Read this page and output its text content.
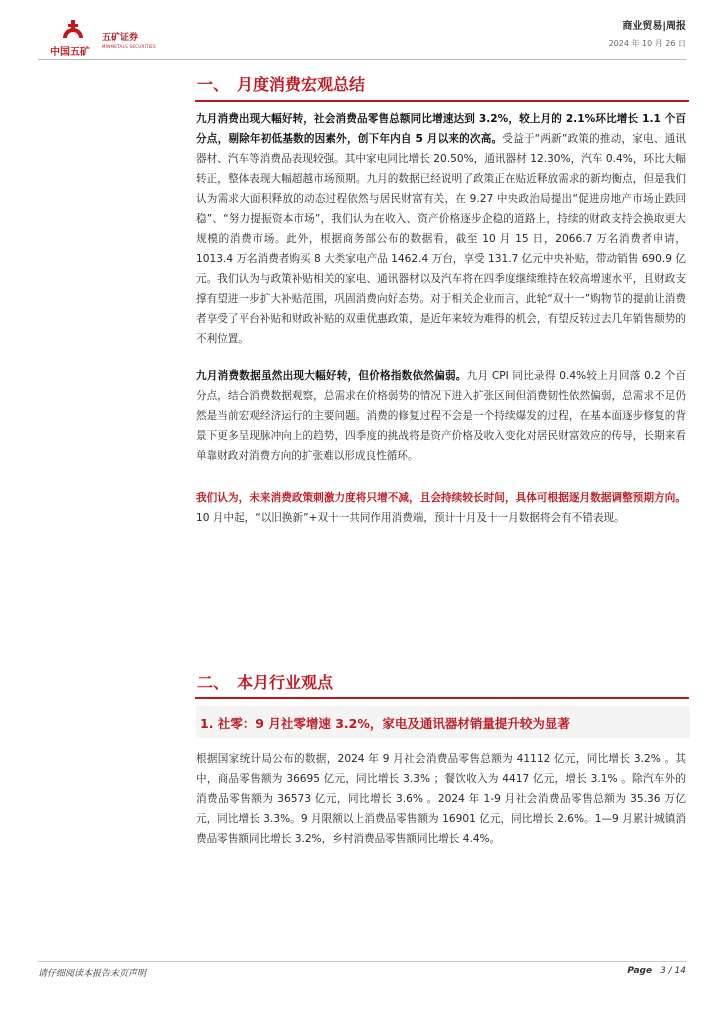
中国五矿
五矿证券
MINMETALS SECURITIES
商业贸易|周报
2024 年 10 月 26 日
一、 月度消费宏观总结
九月消费出现大幅好转，社会消费品零售总额同比增速达到 3.2%，较上月的 2.1%环比增长 1.1 个百分点，剔除年初低基数的因素外，创下年内自 5 月以来的次高。受益于“两新”政策的推动，家电、通讯器材、汽车等消费品表现较强。其中家电同比增长 20.50%，通讯器材 12.30%，汽车 0.4%，环比大幅转正，整体表现大幅超越市场预期。九月的数据已经说明了政策正在贴近释放需求的新均衡点，但是我们认为需求大面积释放的动态过程依然与居民财富有关，在 9.27 中央政治局提出“促进房地产市场止跌回稳”、“努力提振资本市场”，我们认为在收入、资产价格逐步企稳的道路上，持续的财政支持会换取更大规模的消费市场。此外，根据商务部公布的数据看，截至 10 月 15 日，2066.7 万名消费者申请，1013.4 万名消费者购买 8 大类家电产品 1462.4 万台，享受 131.7 亿元中央补贴，带动销售 690.9 亿元。我们认为与政策补贴相关的家电、通讯器材以及汽车将在四季度继续维持在较高增速水平，且财政支撑有望进一步扩大补贴范围，巩固消费向好态势。对于相关企业而言，此轮“双十一”购物节的提前让消费者享受了平台补贴和财政补贴的双重优惠政策，是近年来较为难得的机会，有望反转过去几年销售颓势的不利位置。
九月消费数据虽然出现大幅好转，但价格指数依然偏弱。九月 CPI 同比录得 0.4%较上月回落 0.2 个百分点，结合消费数据观察，总需求在价格弱势的情况下进入扩张区间但消费韧性依然偏弱，总需求不足仍然是当前宏观经济运行的主要问题。消费的修复过程不会是一个持续爆发的过程，在基本面逐步修复的背景下更多呈现脉冲向上的趋势，四季度的挑战将是资产价格及收入变化对居民财富效应的传导，长期来看单靠财政对消费方向的扩张难以形成良性循环。
我们认为，未来消费政策刺激力度将只增不减，且会持续较长时间，具体可根据逐月数据调整预期方向。10 月中起，“以旧换新”+双十一共同作用消费端，预计十月及十一月数据将会有不错表现。
二、 本月行业观点
1. 社零：9 月社零增速 3.2%，家电及通讯器材销量提升较为显著
根据国家统计局公布的数据，2024 年 9 月社会消费品零售总额为 41112 亿元，同比增长 3.2% 。其中，商品零售额为 36695 亿元，同比增长 3.3% ；餐饮收入为 4417 亿元，增长 3.1% 。除汽车外的消费品零售额为 36573 亿元，同比增长 3.6% 。2024 年 1-9 月社会消费品零售总额为 35.36 万亿元，同比增长 3.3%。9 月限额以上消费品零售额为 16901 亿元，同比增长 2.6%。1—9 月累计城镇消费品零售额同比增长 3.2%，乡村消费品零售额同比增长 4.4%。
请仔细阅读本报告末页声明	Page 3 / 14
